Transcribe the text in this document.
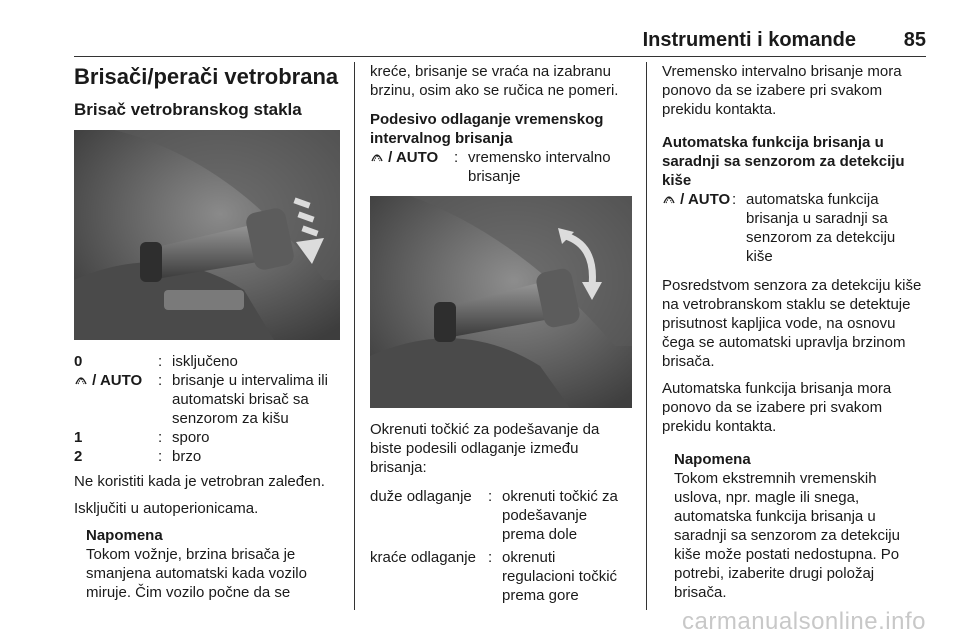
Instrumenti i komande 85
Brisači/perači vetrobrana
Brisač vetrobranskog stakla
0	: isključeno
/ AUTO	: brisanje u intervalima ili automatski brisač sa senzorom za kišu
1	: sporo
2	: brzo

Ne koristiti kada je vetrobran zaleđen.

Isključiti u autoperionicama.

Napomena
Tokom vožnje, brzina brisača je smanjena automatski kada vozilo miruje. Čim vozilo počne da se

kreće, brisanje se vraća na izabranu brzinu, osim ako se ručica ne pomeri.

Podesivo odlaganje vremenskog intervalnog brisanja
/ AUTO	: vremensko intervalno brisanje

Okrenuti točkić za podešavanje da biste podesili odlaganje između brisanja:

duže odlaganje	: okrenuti točkić za podešavanje prema dole
kraće odlaganje : okrenuti regulacioni točkić prema gore

Vremensko intervalno brisanje mora ponovo da se izabere pri svakom prekidu kontakta.

Automatska funkcija brisanja u saradnji sa senzorom za detekciju kiše
/ AUTO : automatska funkcija brisanja u saradnji sa senzorom za detekciju kiše

Posredstvom senzora za detekciju kiše na vetrobranskom staklu se detektuje prisutnost kapljica vode, na osnovu čega se automatski upravlja brzinom brisača.

Automatska funkcija brisanja mora ponovo da se izabere pri svakom prekidu kontakta.

Napomena
Tokom ekstremnih vremenskih uslova, npr. magle ili snega, automatska funkcija brisanja u saradnji sa senzorom za detekciju kiše može postati nedostupna. Po potrebi, izaberite drugi položaj brisača.
carmanualsonline.info
